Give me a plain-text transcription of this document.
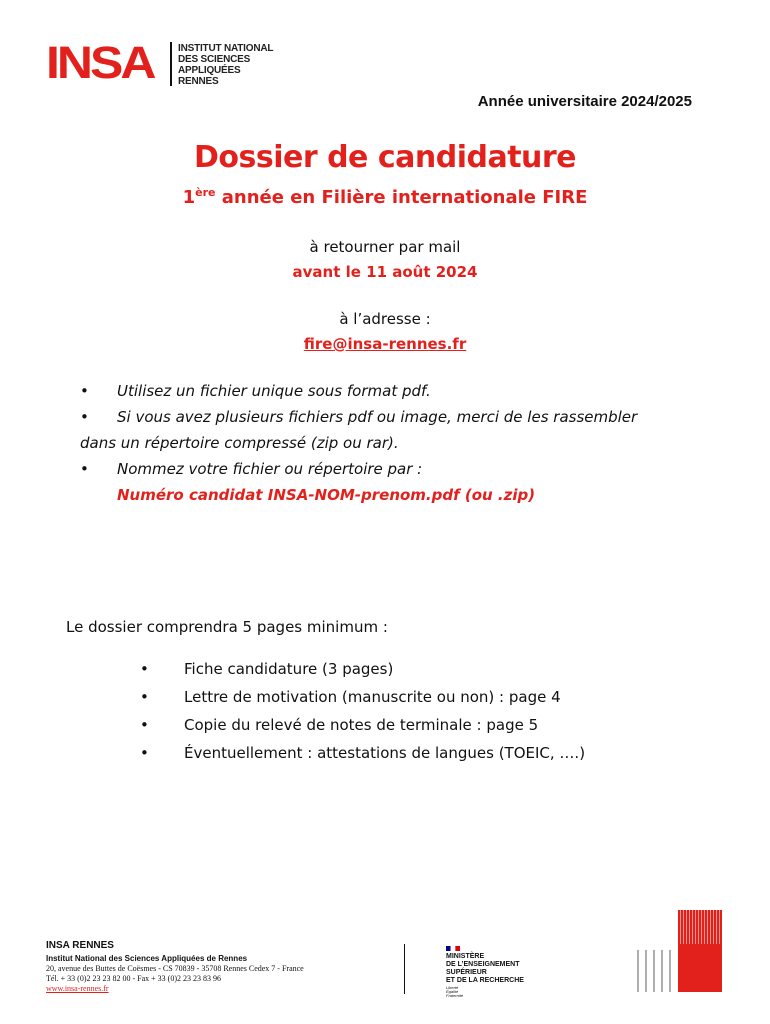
INSA INSTITUT NATIONAL
DES SCIENCES
APPLIQUÉES
RENNES
Année universitaire 2024/2025
Dossier de candidature
1ère année en Filière internationale FIRE
à retourner par mail
avant le 11 août 2024
à l’adresse :
fire@insa-rennes.fr
• Utilisez un fichier unique sous format pdf.
• Si vous avez plusieurs fichiers pdf ou image, merci de les rassembler
dans un répertoire compressé (zip ou rar).
• Nommez votre fichier ou répertoire par :
Numéro candidat INSA-NOM-prenom.pdf (ou .zip)
Le dossier comprendra 5 pages minimum :
• Fiche candidature (3 pages)
• Lettre de motivation (manuscrite ou non) : page 4
• Copie du relevé de notes de terminale : page 5
• Éventuellement : attestations de langues (TOEIC, ….)
INSA RENNES
Institut National des Sciences Appliquées de Rennes
20, avenue des Buttes de Coësmes - CS 70839 - 35708 Rennes Cedex 7 - France
Tél. + 33 (0)2 23 23 82 00 - Fax + 33 (0)2 23 23 83 96
www.insa-rennes.fr
MINISTÈRE
DE L’ENSEIGNEMENT
SUPÉRIEUR
ET DE LA RECHERCHE
Liberté
Égalité
Fraternité
